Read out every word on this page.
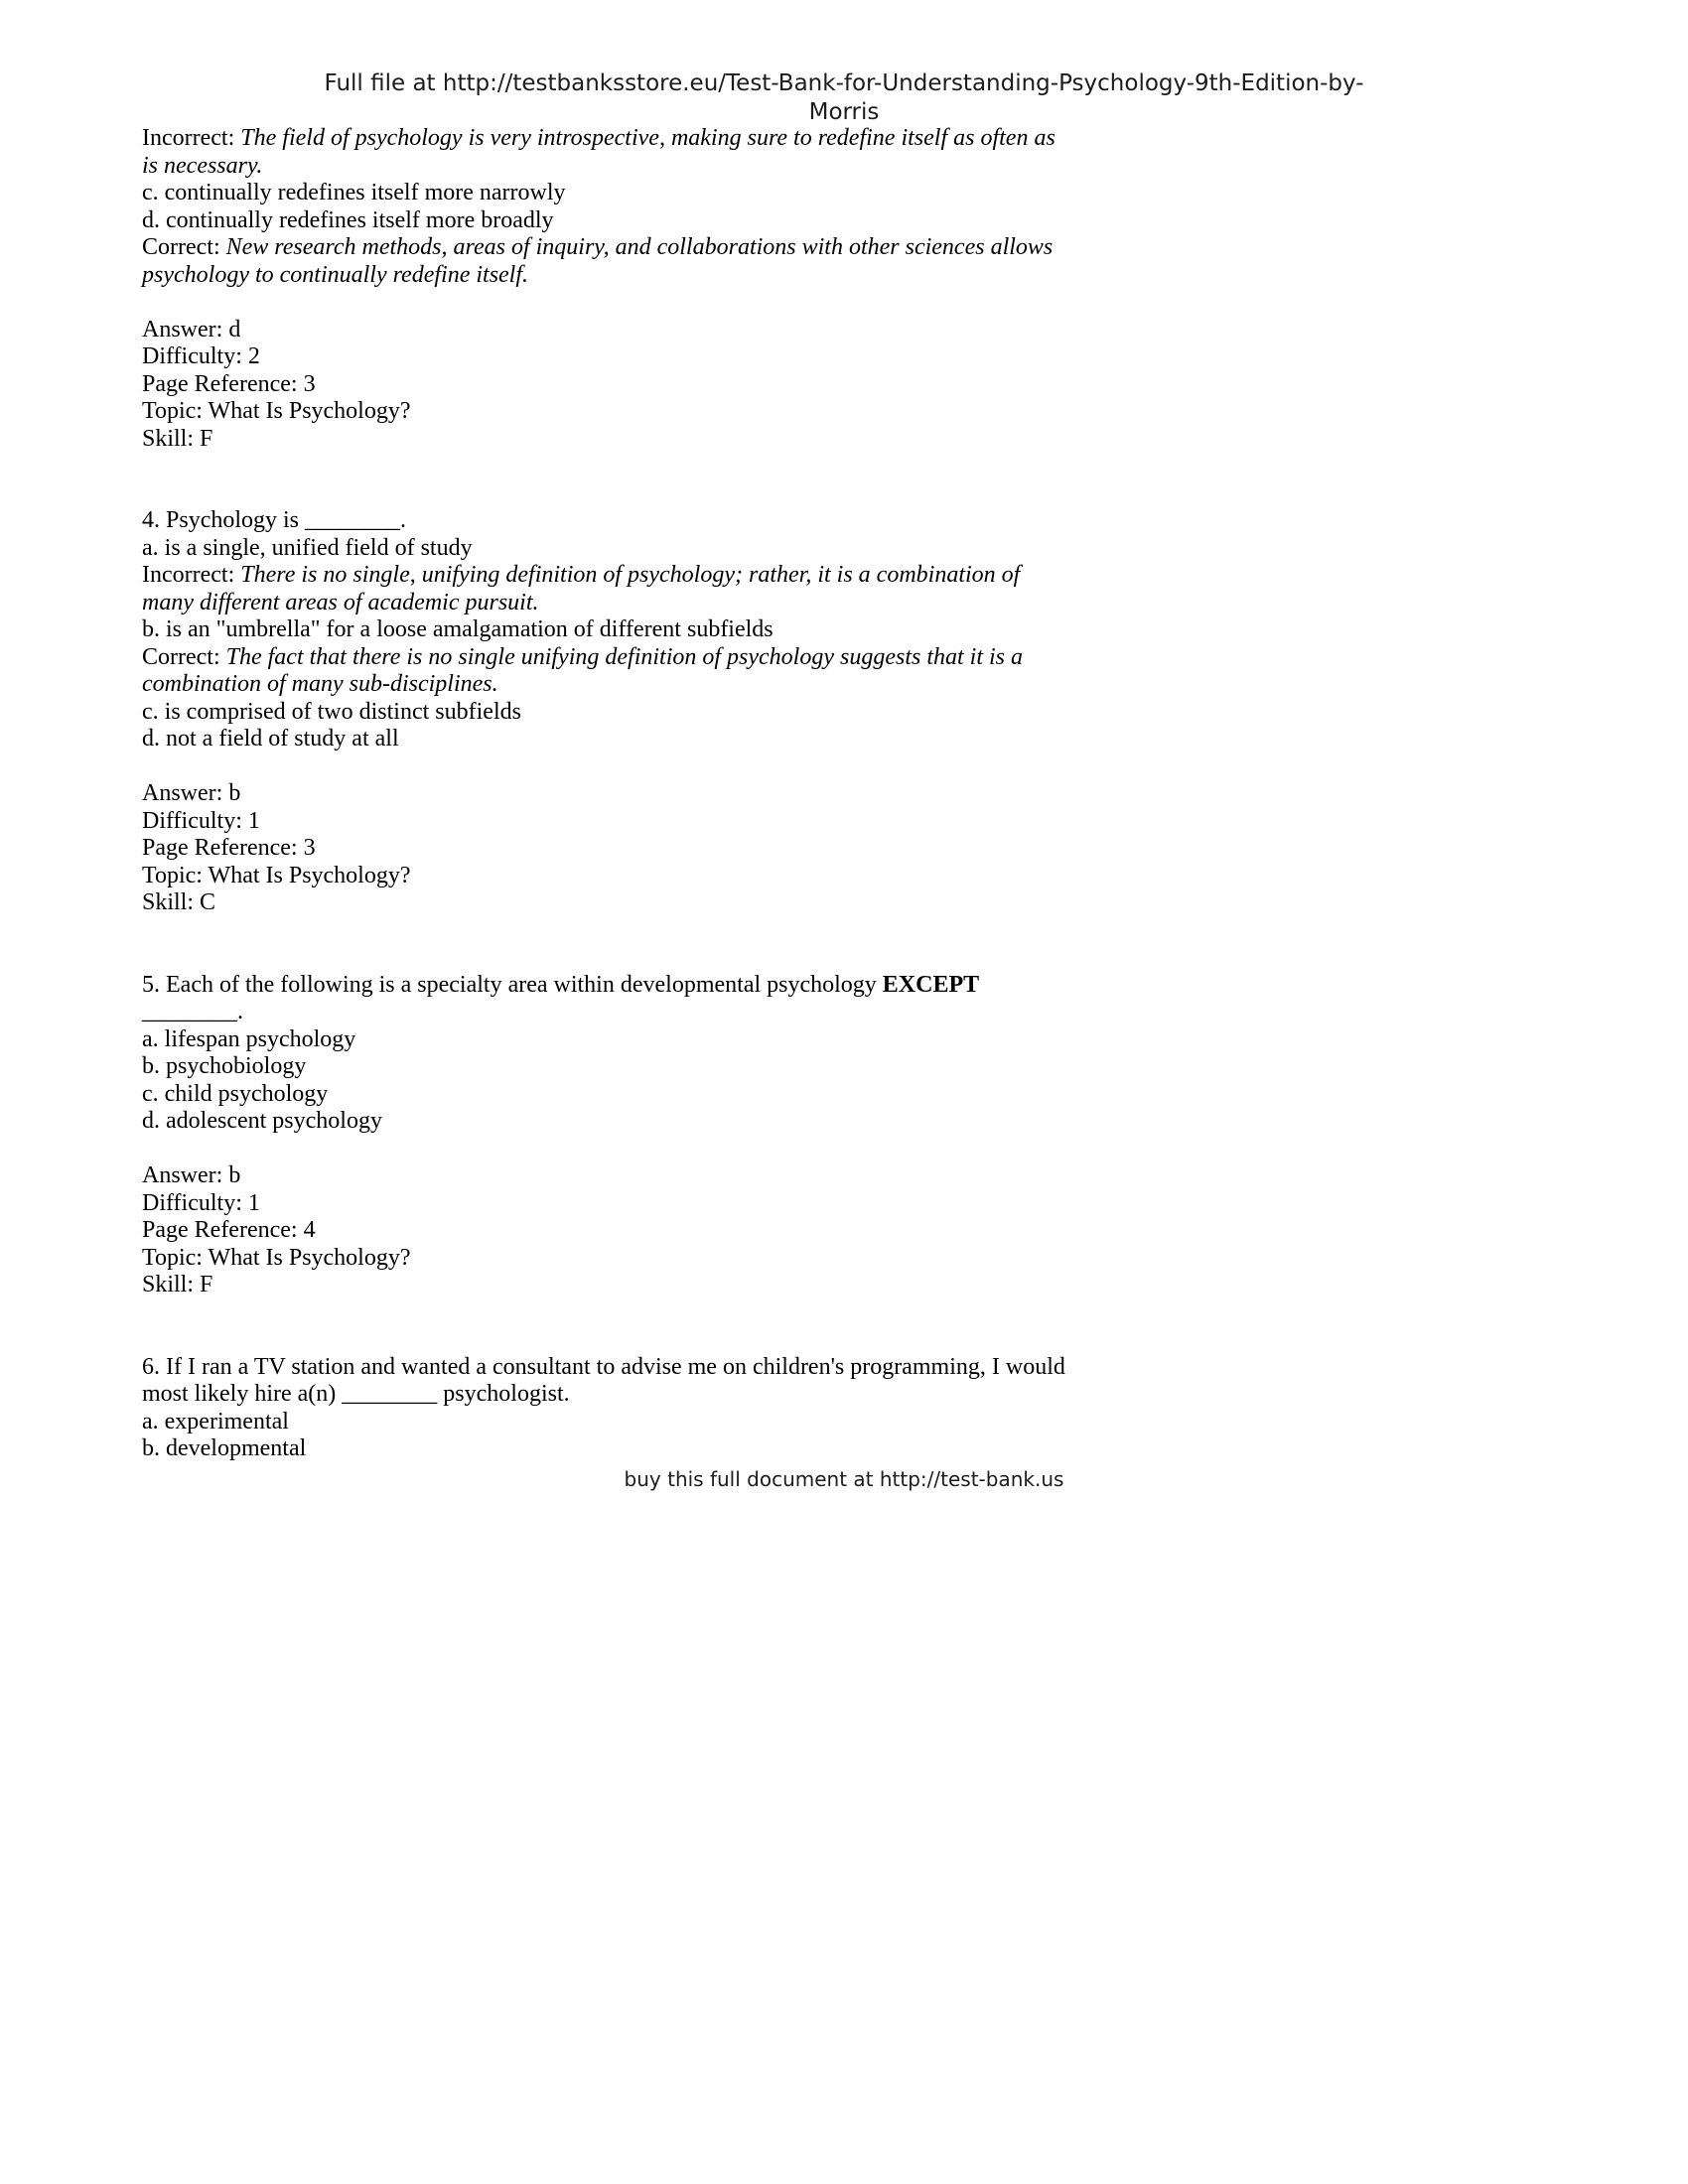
Full file at http://testbanksstore.eu/Test-Bank-for-Understanding-Psychology-9th-Edition-by-
Morris
Incorrect: The field of psychology is very introspective, making sure to redefine itself as often as
is necessary.
c. continually redefines itself more narrowly
d. continually redefines itself more broadly
Correct: New research methods, areas of inquiry, and collaborations with other sciences allows
psychology to continually redefine itself.

Answer: d
Difficulty: 2
Page Reference: 3
Topic: What Is Psychology?
Skill: F

4. Psychology is ________.
a. is a single, unified field of study
Incorrect: There is no single, unifying definition of psychology; rather, it is a combination of
many different areas of academic pursuit.
b. is an "umbrella" for a loose amalgamation of different subfields
Correct: The fact that there is no single unifying definition of psychology suggests that it is a
combination of many sub-disciplines.
c. is comprised of two distinct subfields
d. not a field of study at all

Answer: b
Difficulty: 1
Page Reference: 3
Topic: What Is Psychology?
Skill: C

5. Each of the following is a specialty area within developmental psychology EXCEPT
________.
a. lifespan psychology
b. psychobiology
c. child psychology
d. adolescent psychology

Answer: b
Difficulty: 1
Page Reference: 4
Topic: What Is Psychology?
Skill: F

6. If I ran a TV station and wanted a consultant to advise me on children's programming, I would
most likely hire a(n) ________ psychologist.
a. experimental
b. developmental
buy this full document at http://test-bank.us
